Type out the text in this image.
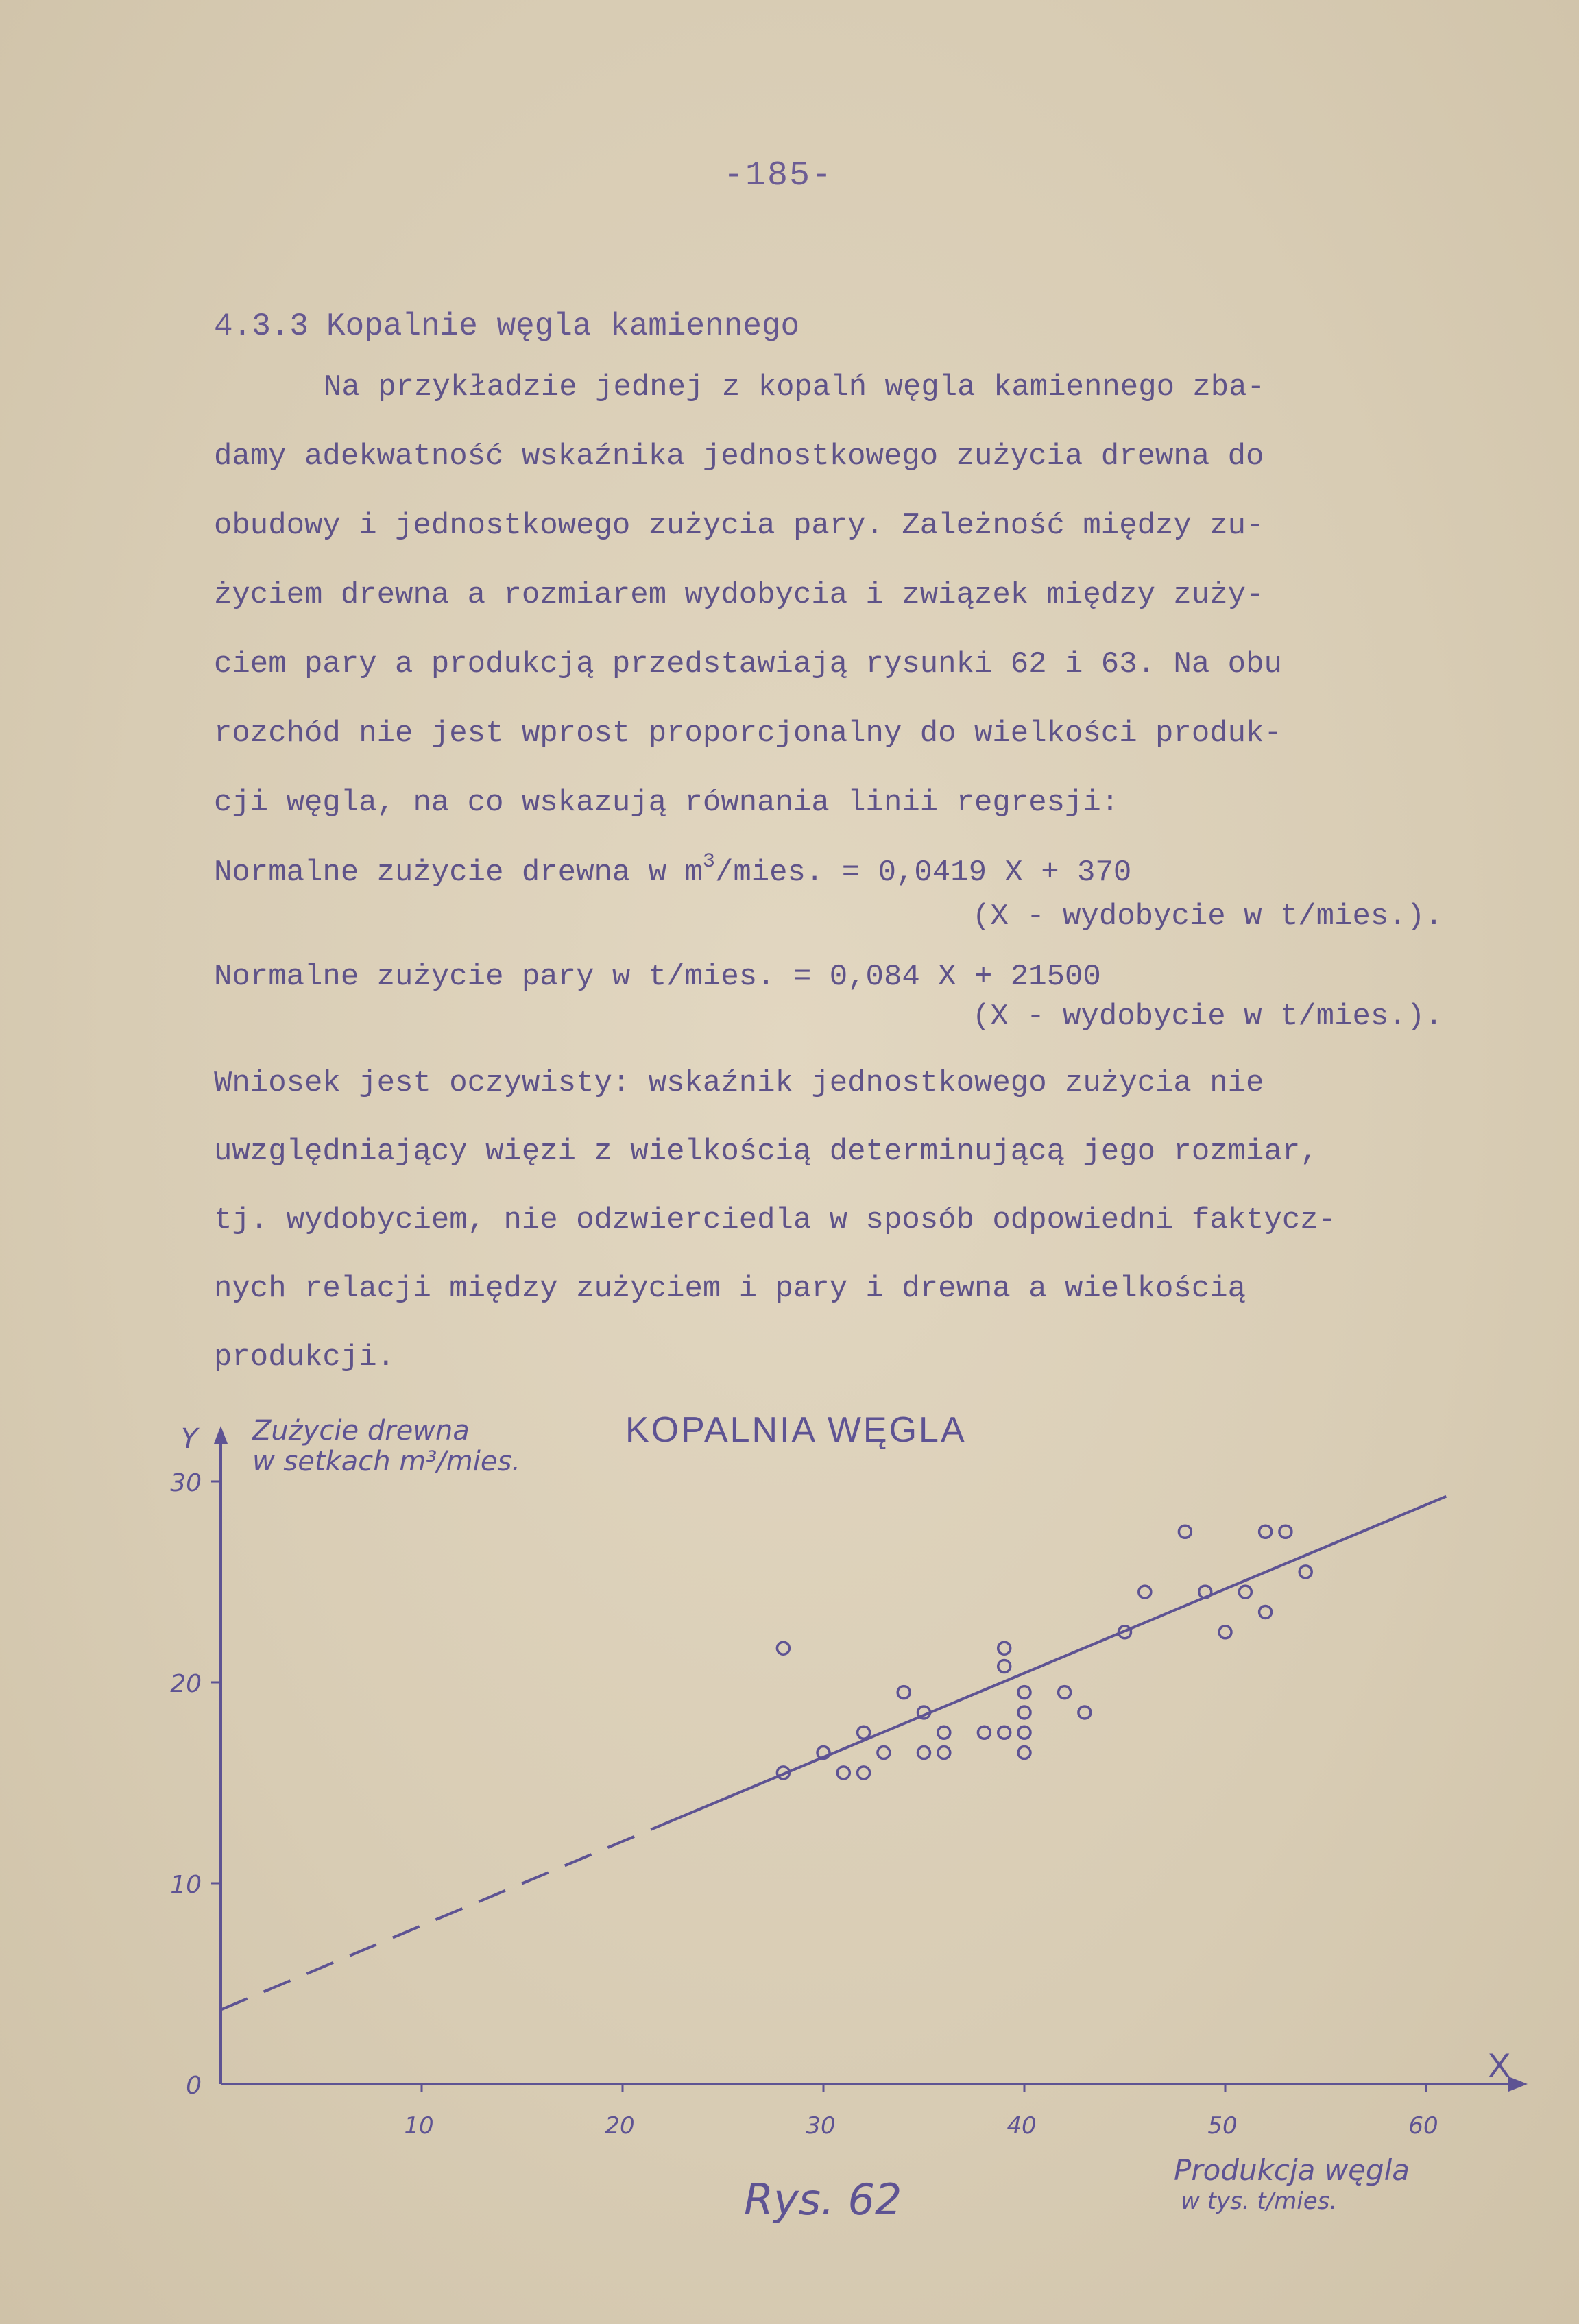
-185-
4.3.3 Kopalnie węgla kamiennego
Na przykładzie jednej z kopalń węgla kamiennego zba-
damy adekwatność wskaźnika jednostkowego zużycia drewna do
obudowy i jednostkowego zużycia pary. Zależność między zu-
życiem drewna a rozmiarem wydobycia i związek między zuży-
ciem pary a produkcją przedstawiają rysunki 62 i 63. Na obu
rozchód nie jest wprost proporcjonalny do wielkości produk-
cji węgla, na co wskazują równania linii regresji:
Normalne zużycie drewna w $m^3$/mies. = 0,0419 X + 370
(X - wydobycie w t/mies.).
Normalne zużycie pary w t/mies. = 0,084 X + 21500
(X - wydobycie w t/mies.).
Wniosek jest oczywisty: wskaźnik jednostkowego zużycia nie
uwzględniający więzi z wielkością determinującą jego rozmiar,
tj. wydobyciem, nie odzwierciedla w sposób odpowiedni faktycz-
nych relacji między zużyciem i pary i drewna a wielkością
produkcji.
10	20	30	40	50	60
0
10
20
30
KOPALNIA WĘGLA
Y Zużycie drewna
w setkach m³/mies.
X
Produkcja węgla
w tys. t/mies.
Rys. 62
